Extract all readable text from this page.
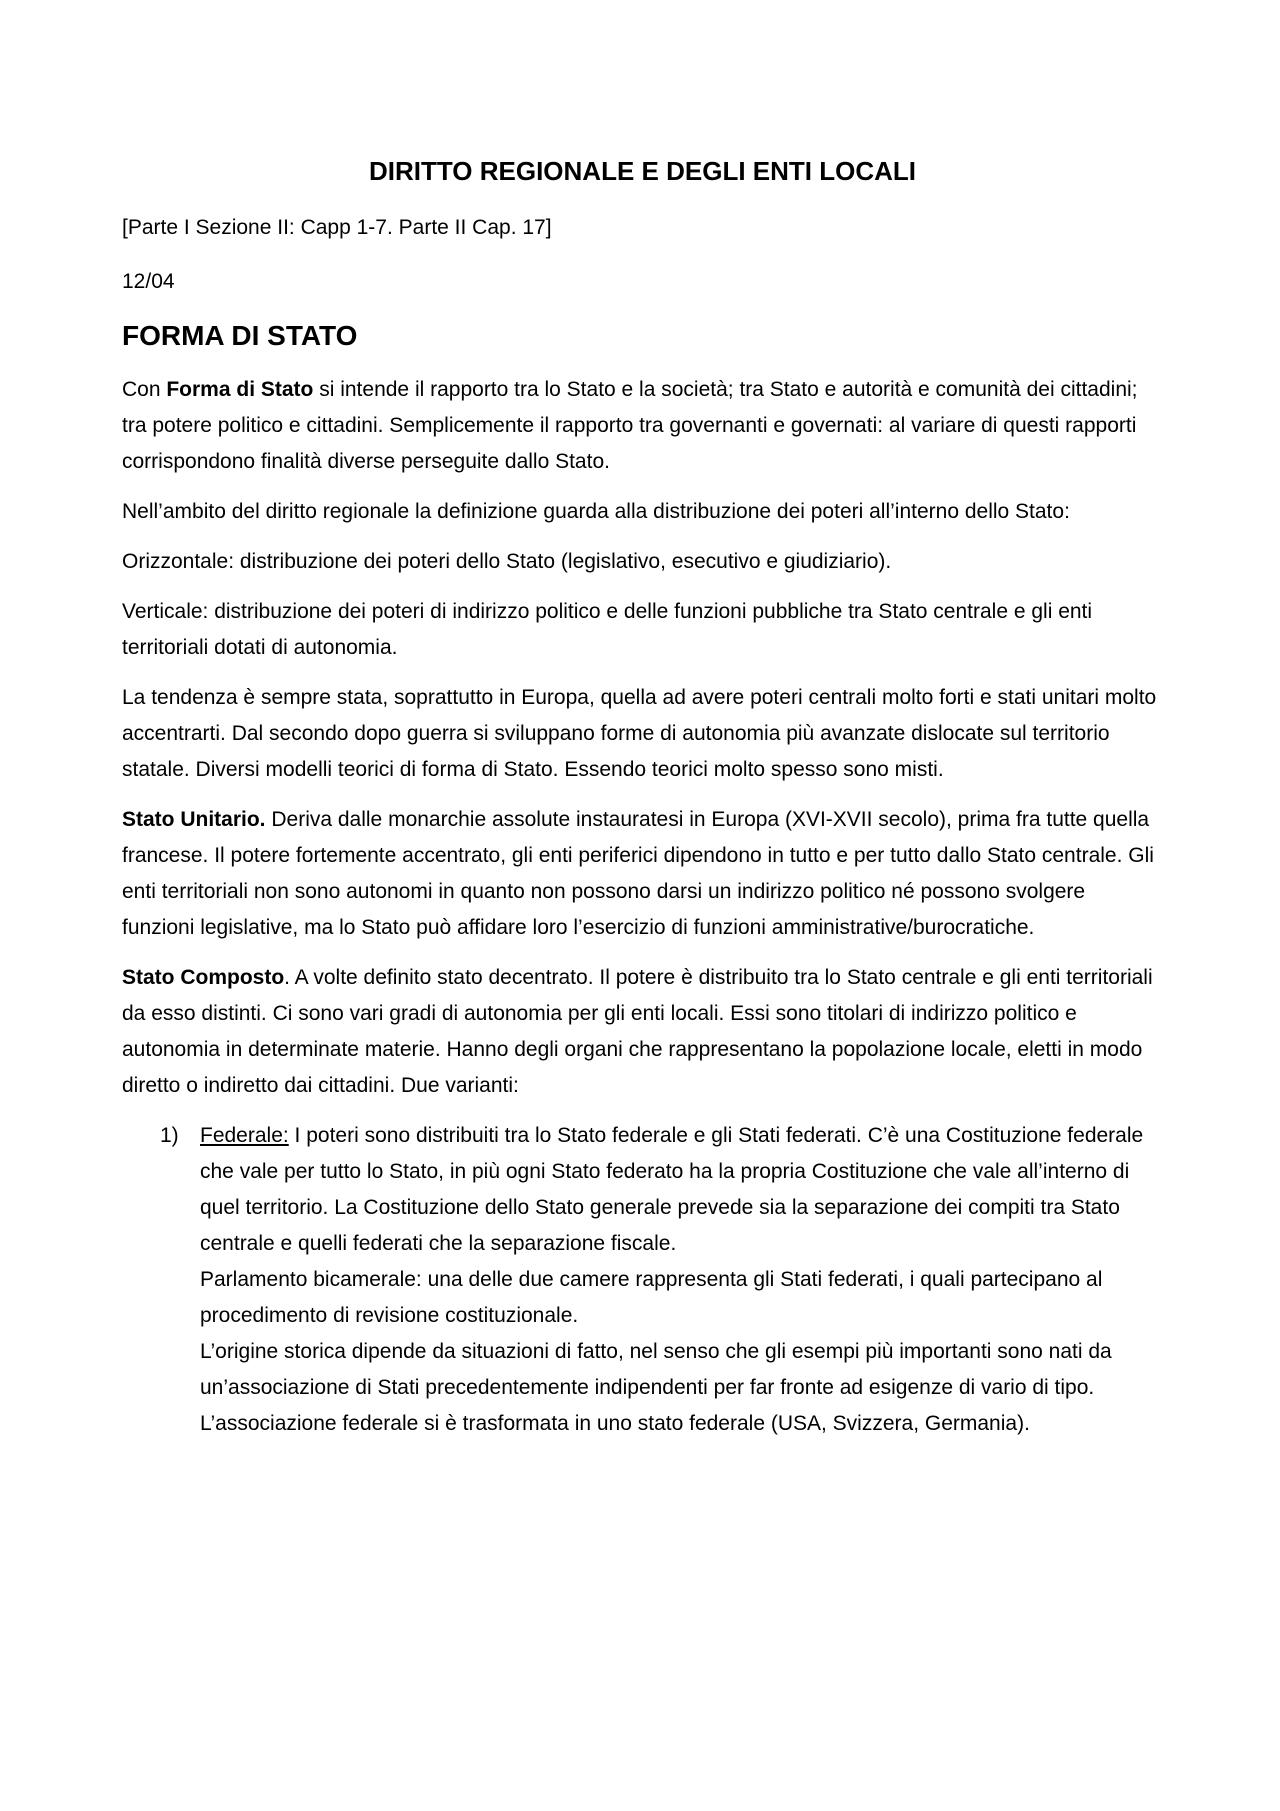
DIRITTO REGIONALE E DEGLI ENTI LOCALI

[Parte I Sezione II: Capp 1-7. Parte II Cap. 17]

12/04

FORMA DI STATO

Con Forma di Stato si intende il rapporto tra lo Stato e la società; tra Stato e autorità e comunità dei cittadini; tra potere politico e cittadini. Semplicemente il rapporto tra governanti e governati: al variare di questi rapporti corrispondono finalità diverse perseguite dallo Stato.

Nell’ambito del diritto regionale la definizione guarda alla distribuzione dei poteri all’interno dello Stato:

Orizzontale: distribuzione dei poteri dello Stato (legislativo, esecutivo e giudiziario).

Verticale: distribuzione dei poteri di indirizzo politico e delle funzioni pubbliche tra Stato centrale e gli enti territoriali dotati di autonomia.

La tendenza è sempre stata, soprattutto in Europa, quella ad avere poteri centrali molto forti e stati unitari molto accentrarti. Dal secondo dopo guerra si sviluppano forme di autonomia più avanzate dislocate sul territorio statale. Diversi modelli teorici di forma di Stato. Essendo teorici molto spesso sono misti.

Stato Unitario. Deriva dalle monarchie assolute instauratesi in Europa (XVI-XVII secolo), prima fra tutte quella francese. Il potere fortemente accentrato, gli enti periferici dipendono in tutto e per tutto dallo Stato centrale. Gli enti territoriali non sono autonomi in quanto non possono darsi un indirizzo politico né possono svolgere funzioni legislative, ma lo Stato può affidare loro l’esercizio di funzioni amministrative/burocratiche.

Stato Composto. A volte definito stato decentrato. Il potere è distribuito tra lo Stato centrale e gli enti territoriali da esso distinti. Ci sono vari gradi di autonomia per gli enti locali. Essi sono titolari di indirizzo politico e autonomia in determinate materie. Hanno degli organi che rappresentano la popolazione locale, eletti in modo diretto o indiretto dai cittadini. Due varianti:

1) Federale: I poteri sono distribuiti tra lo Stato federale e gli Stati federati. C’è una Costituzione federale che vale per tutto lo Stato, in più ogni Stato federato ha la propria Costituzione che vale all’interno di quel territorio. La Costituzione dello Stato generale prevede sia la separazione dei compiti tra Stato centrale e quelli federati che la separazione fiscale.
Parlamento bicamerale: una delle due camere rappresenta gli Stati federati, i quali partecipano al procedimento di revisione costituzionale.
L’origine storica dipende da situazioni di fatto, nel senso che gli esempi più importanti sono nati da un’associazione di Stati precedentemente indipendenti per far fronte ad esigenze di vario di tipo. L’associazione federale si è trasformata in uno stato federale (USA, Svizzera, Germania).
